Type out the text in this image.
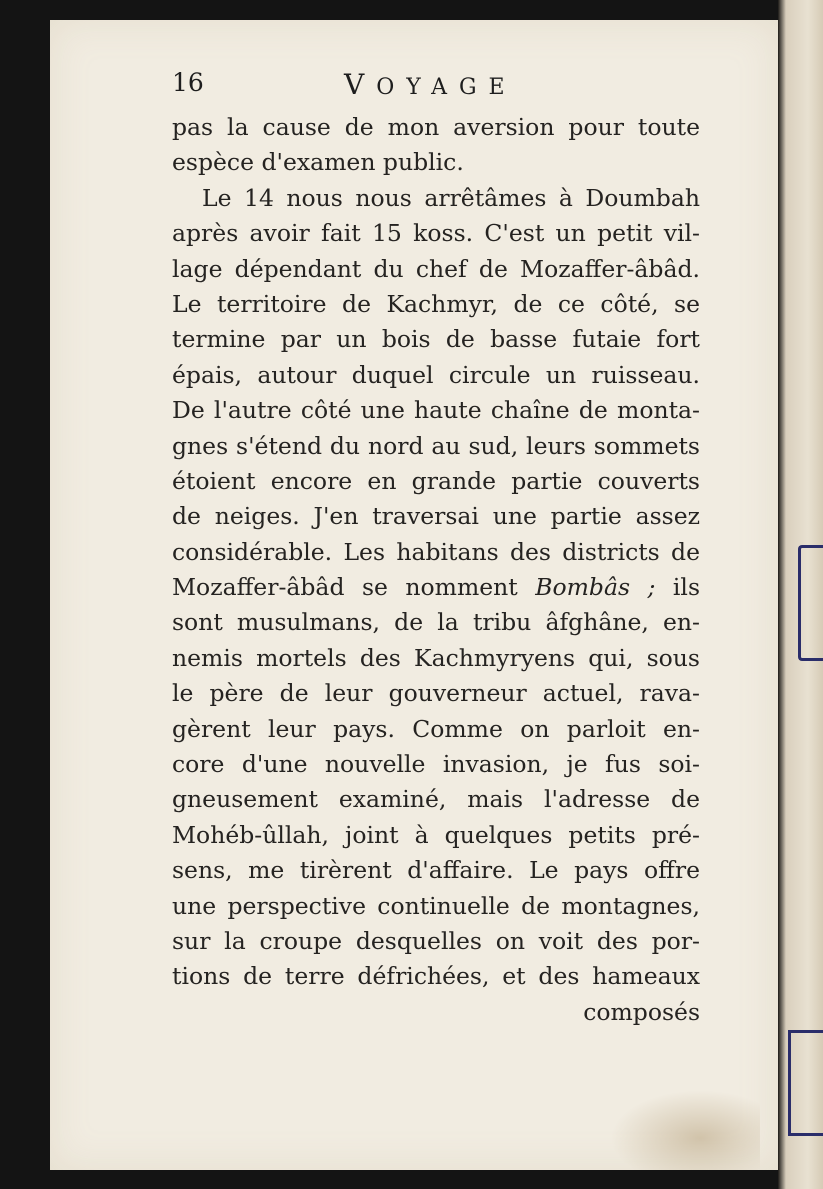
16	VOYAGE
pas la cause de mon aversion pour toute
espèce d'examen public.
Le 14 nous nous arrêtâmes à Doumbah
après avoir fait 15 koss. C'est un petit vil-
lage dépendant du chef de Mozaffer-âbâd.
Le territoire de Kachmyr, de ce côté, se
termine par un bois de basse futaie fort
épais, autour duquel circule un ruisseau.
De l'autre côté une haute chaîne de monta-
gnes s'étend du nord au sud, leurs sommets
étoient encore en grande partie couverts
de neiges. J'en traversai une partie assez
considérable. Les habitans des districts de
Mozaffer-âbâd se nomment Bombâs ; ils
sont musulmans, de la tribu âfghâne, en-
nemis mortels des Kachmyryens qui, sous
le père de leur gouverneur actuel, rava-
gèrent leur pays. Comme on parloit en-
core d'une nouvelle invasion, je fus soi-
gneusement examiné, mais l'adresse de
Mohéb-ûllah, joint à quelques petits pré-
sens, me tirèrent d'affaire. Le pays offre
une perspective continuelle de montagnes,
sur la croupe desquelles on voit des por-
tions de terre défrichées, et des hameaux
composés
